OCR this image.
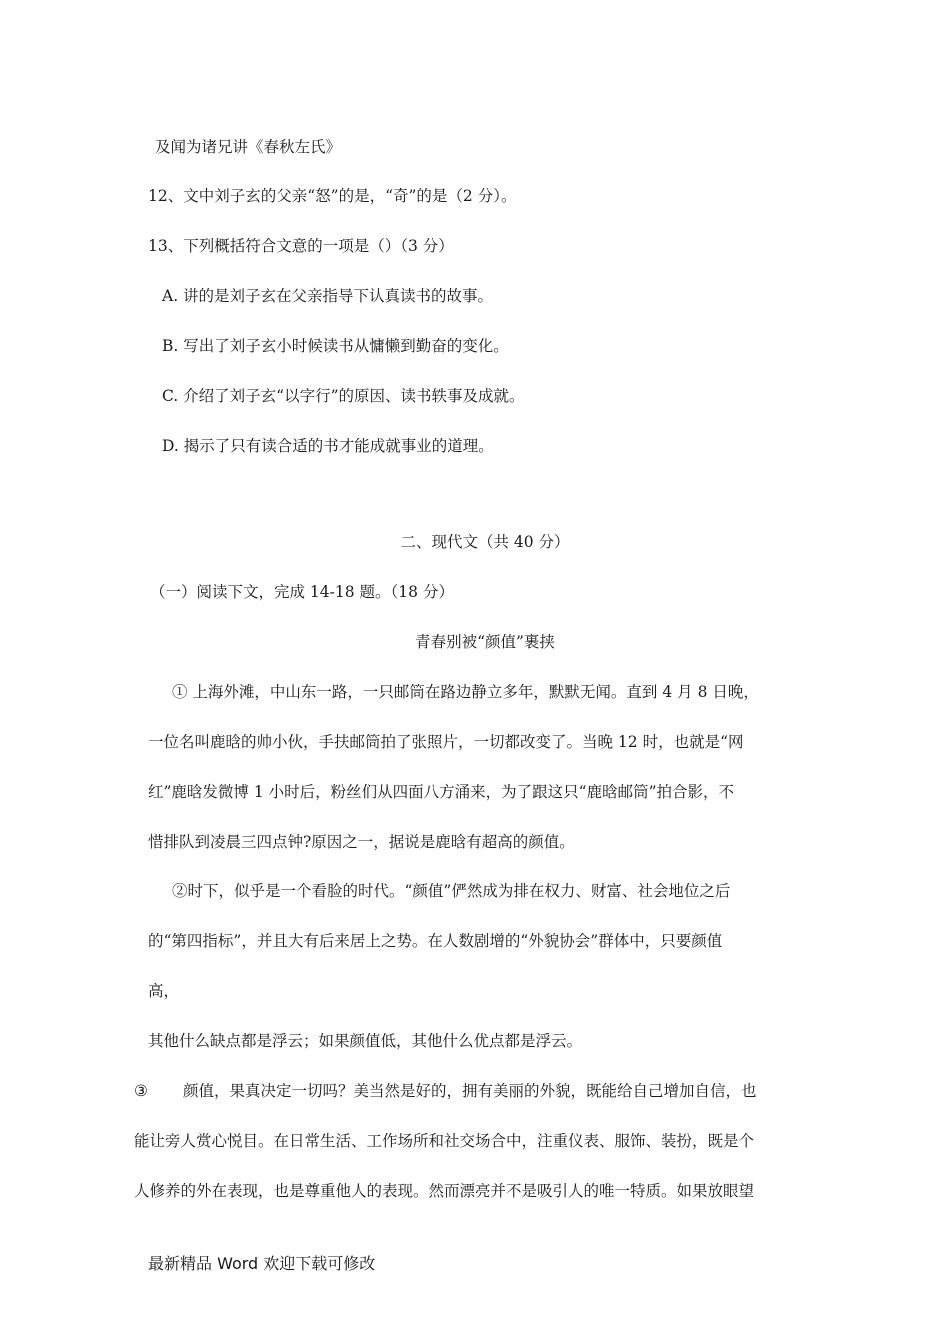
及闻为诸兄讲《春秋左氏》
12、文中刘子玄的父亲“怒”的是，“奇”的是（2 分）。
13、下列概括符合文意的一项是（）（3 分）
A. 讲的是刘子玄在父亲指导下认真读书的故事。
B. 写出了刘子玄小时候读书从慵懒到勤奋的变化。
C. 介绍了刘子玄“以字行”的原因、读书轶事及成就。
D. 揭示了只有读合适的书才能成就事业的道理。
二、现代文（共 40 分）
（一）阅读下文，完成 14-18 题。（18 分）
青春别被“颜值”裹挟
① 上海外滩，中山东一路，一只邮筒在路边静立多年，默默无闻。直到 4 月 8 日晚，
一位名叫鹿晗的帅小伙，手扶邮筒拍了张照片，一切都改变了。当晚 12 时，也就是“网
红”鹿晗发微博 1 小时后，粉丝们从四面八方涌来，为了跟这只“鹿晗邮筒”拍合影，不
惜排队到凌晨三四点钟?原因之一，据说是鹿晗有超高的颜值。
②时下，似乎是一个看脸的时代。“颜值”俨然成为排在权力、财富、社会地位之后
的“第四指标”，并且大有后来居上之势。在人数剧增的“外貌协会”群体中，只要颜值
高，
其他什么缺点都是浮云；如果颜值低，其他什么优点都是浮云。
③ 颜值，果真决定一切吗？美当然是好的，拥有美丽的外貌，既能给自己增加自信，也
能让旁人赏心悦目。在日常生活、工作场所和社交场合中，注重仪表、服饰、装扮，既是个
人修养的外在表现，也是尊重他人的表现。然而漂亮并不是吸引人的唯一特质。如果放眼望
最新精品 Word 欢迎下载可修改
